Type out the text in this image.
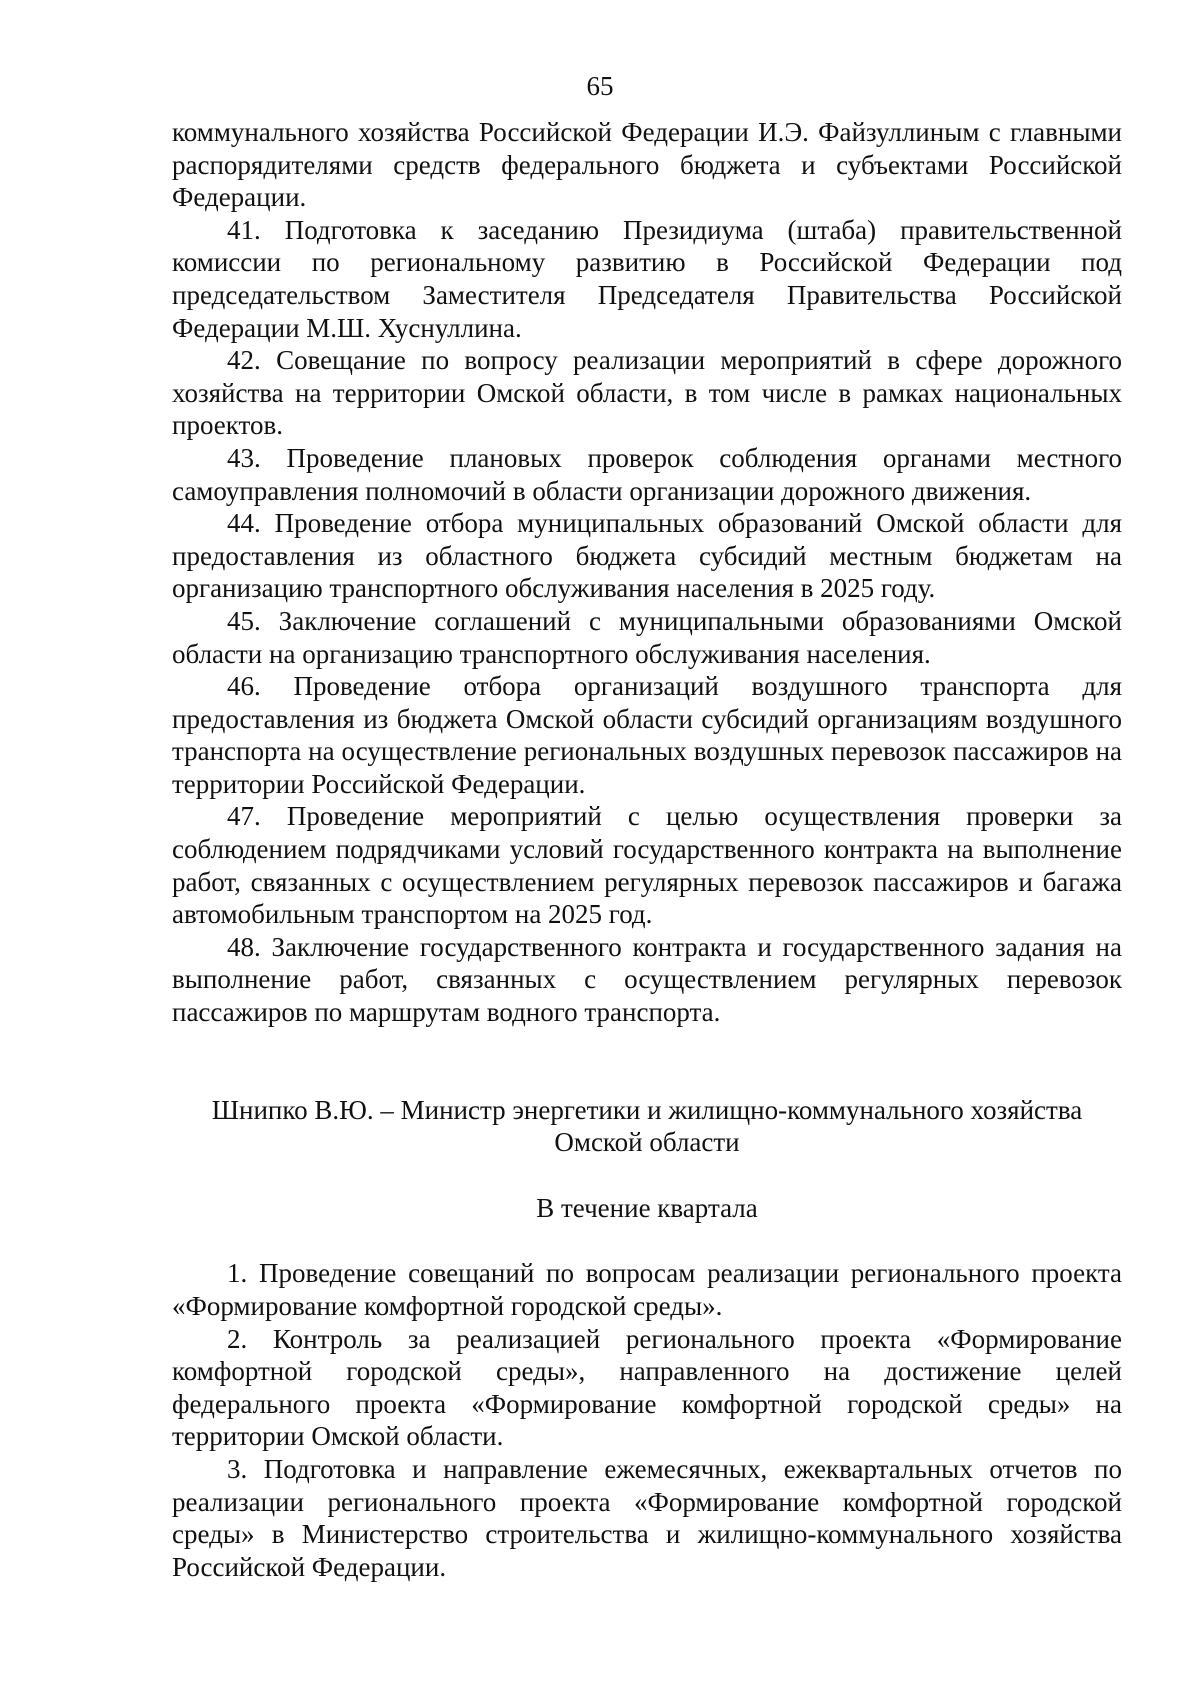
65

коммунального хозяйства Российской Федерации И.Э. Файзуллиным с главными распорядителями средств федерального бюджета и субъектами Российской Федерации.

41. Подготовка к заседанию Президиума (штаба) правительственной комиссии по региональному развитию в Российской Федерации под председательством Заместителя Председателя Правительства Российской Федерации М.Ш. Хуснуллина.

42. Совещание по вопросу реализации мероприятий в сфере дорожного хозяйства на территории Омской области, в том числе в рамках национальных проектов.

43. Проведение плановых проверок соблюдения органами местного самоуправления полномочий в области организации дорожного движения.

44. Проведение отбора муниципальных образований Омской области для предоставления из областного бюджета субсидий местным бюджетам на организацию транспортного обслуживания населения в 2025 году.

45. Заключение соглашений с муниципальными образованиями Омской области на организацию транспортного обслуживания населения.

46. Проведение отбора организаций воздушного транспорта для предоставления из бюджета Омской области субсидий организациям воздушного транспорта на осуществление региональных воздушных перевозок пассажиров на территории Российской Федерации.

47. Проведение мероприятий с целью осуществления проверки за соблюдением подрядчиками условий государственного контракта на выполнение работ, связанных с осуществлением регулярных перевозок пассажиров и багажа автомобильным транспортом на 2025 год.

48. Заключение государственного контракта и государственного задания на выполнение работ, связанных с осуществлением регулярных перевозок пассажиров по маршрутам водного транспорта.

Шнипко В.Ю. – Министр энергетики и жилищно-коммунального хозяйства

Омской области

В течение квартала

1. Проведение совещаний по вопросам реализации регионального проекта «Формирование комфортной городской среды».

2. Контроль за реализацией регионального проекта «Формирование комфортной городской среды», направленного на достижение целей федерального проекта «Формирование комфортной городской среды» на территории Омской области.

3. Подготовка и направление ежемесячных, ежеквартальных отчетов по реализации регионального проекта «Формирование комфортной городской среды» в Министерство строительства и жилищно-коммунального хозяйства Российской Федерации.
